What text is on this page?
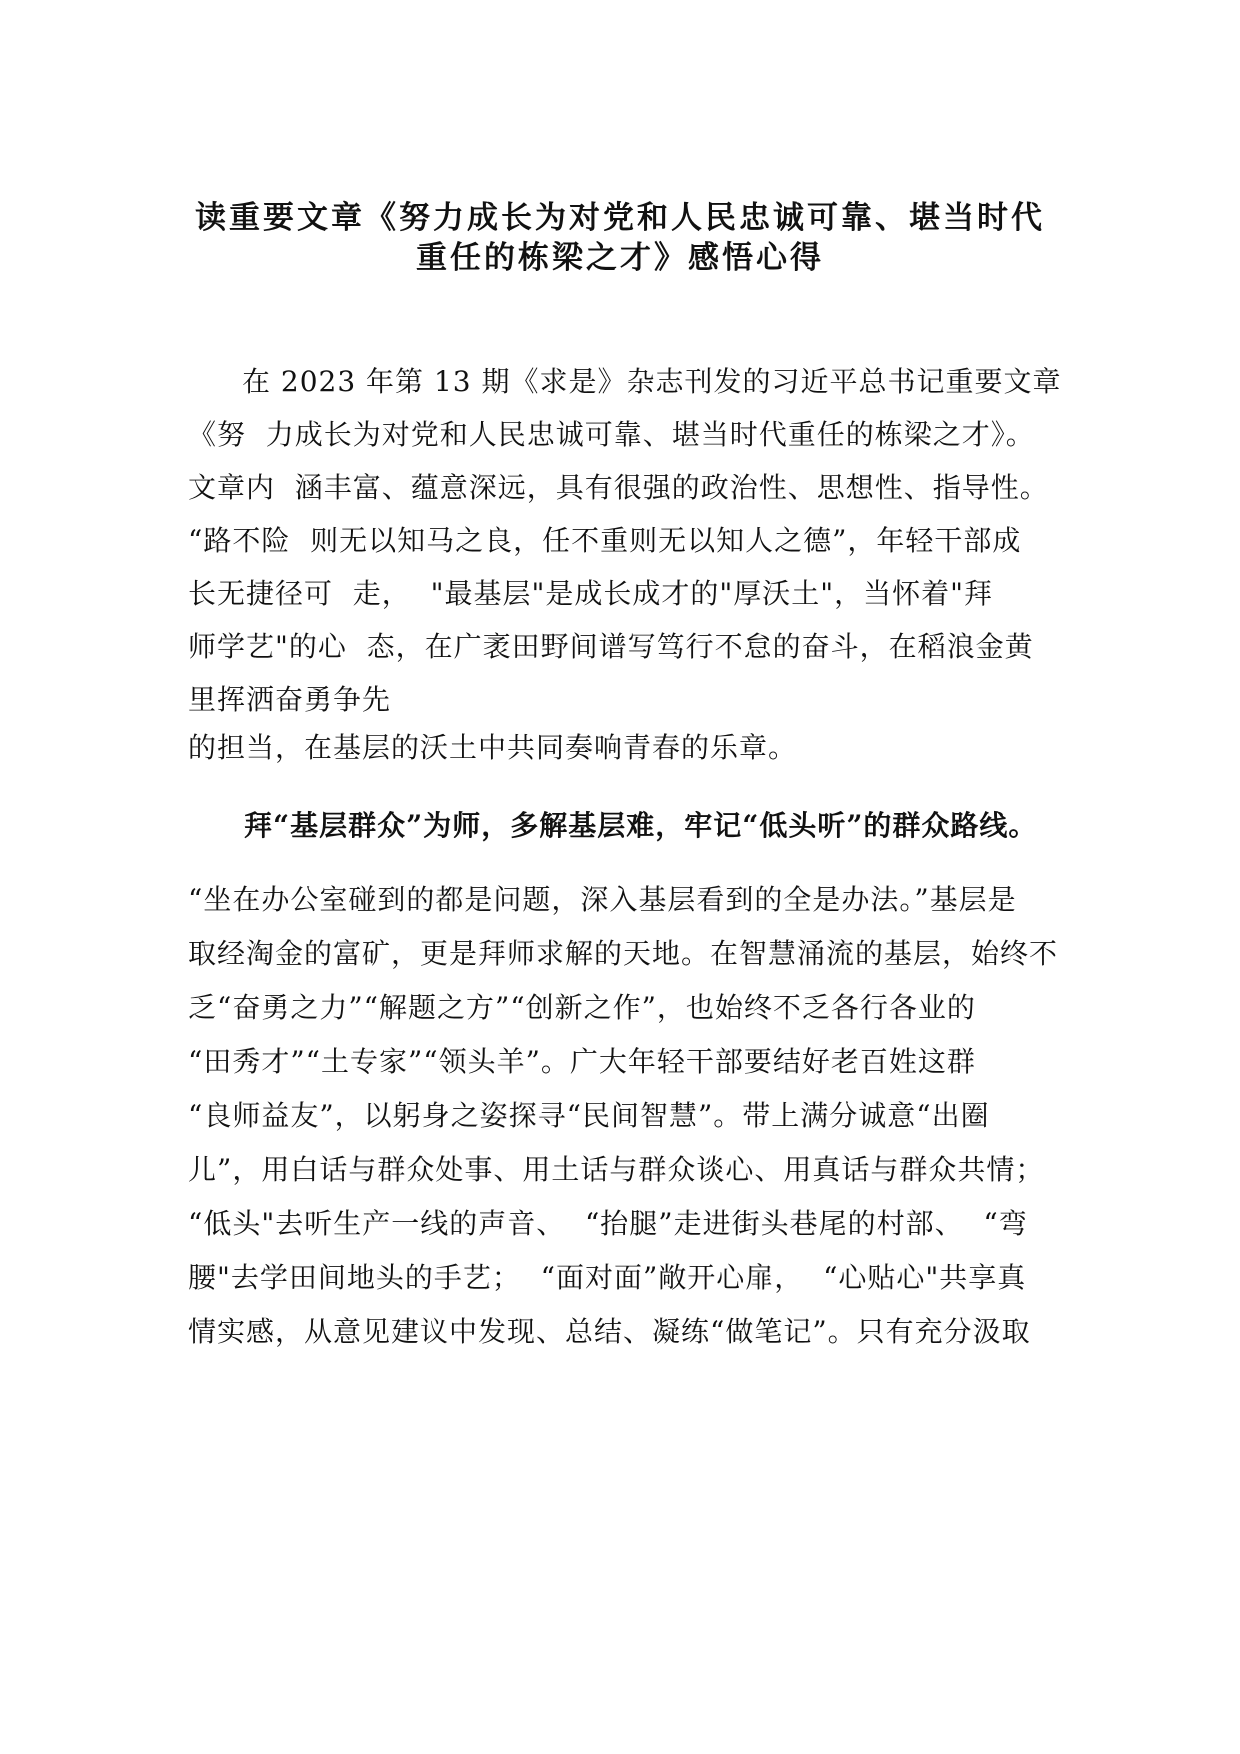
读重要文章《努力成长为对党和人民忠诚可靠、堪当时代
重任的栋梁之才》感悟心得
在 2023 年第 13 期《求是》杂志刊发的习近平总书记重要文章
《努  力成长为对党和人民忠诚可靠、堪当时代重任的栋梁之才》。
文章内  涵丰富、蕴意深远，具有很强的政治性、思想性、指导性。
“路不险  则无以知马之良，任不重则无以知人之德”，年轻干部成
长无捷径可  走，  "最基层"是成长成才的"厚沃土"，当怀着"拜
师学艺"的心  态，在广袤田野间谱写笃行不怠的奋斗，在稻浪金黄
里挥洒奋勇争先
的担当，在基层的沃土中共同奏响青春的乐章。
拜“基层群众”为师，多解基层难，牢记“低头听”的群众路线。
“坐在办公室碰到的都是问题，深入基层看到的全是办法。”基层是
取经淘金的富矿，更是拜师求解的天地。在智慧涌流的基层，始终不
乏“奋勇之力”“解题之方”“创新之作”，也始终不乏各行各业的
“田秀才”“土专家”“领头羊”。广大年轻干部要结好老百姓这群
“良师益友”，以躬身之姿探寻“民间智慧”。带上满分诚意“出圈
儿”，用白话与群众处事、用土话与群众谈心、用真话与群众共情；
“低头"去听生产一线的声音、  “抬腿”走进街头巷尾的村部、  “弯
腰"去学田间地头的手艺；  “面对面”敞开心扉，  “心贴心"共享真
情实感，从意见建议中发现、总结、凝练“做笔记”。只有充分汲取
